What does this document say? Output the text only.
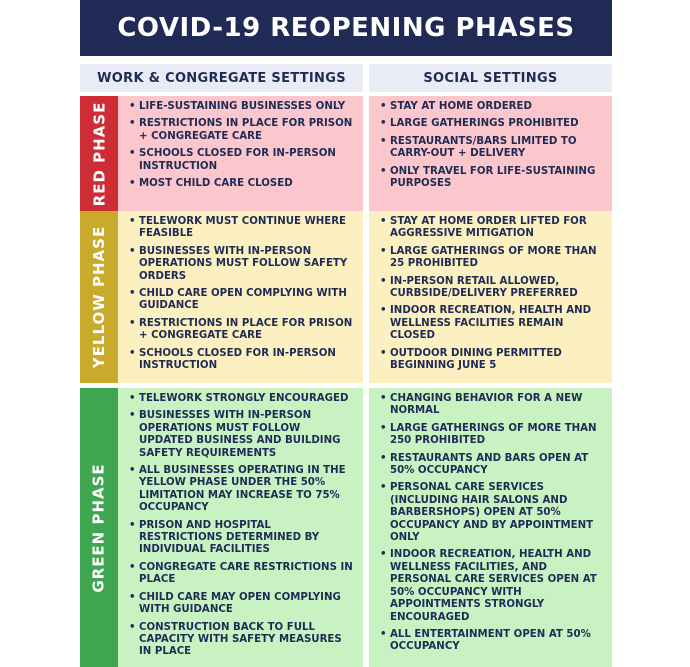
COVID-19 REOPENING PHASES
WORK & CONGREGATE SETTINGS	SOCIAL SETTINGS
RED PHASE
•	LIFE-SUSTAINING BUSINESSES ONLY
• RESTRICTIONS IN PLACE FOR PRISON + CONGREGATE CARE
• SCHOOLS CLOSED FOR IN-PERSON INSTRUCTION
• MOST CHILD CARE CLOSED
• STAY AT HOME ORDERED
• LARGE GATHERINGS PROHIBITED
• RESTAURANTS/BARS LIMITED TO CARRY-OUT + DELIVERY
• ONLY TRAVEL FOR LIFE-SUSTAINING PURPOSES
YELLOW PHASE
• TELEWORK MUST CONTINUE WHERE FEASIBLE
• BUSINESSES WITH IN-PERSON OPERATIONS MUST FOLLOW SAFETY ORDERS
• CHILD CARE OPEN COMPLYING WITH GUIDANCE
• RESTRICTIONS IN PLACE FOR PRISON + CONGREGATE CARE
• SCHOOLS CLOSED FOR IN-PERSON INSTRUCTION
• STAY AT HOME ORDER LIFTED FOR AGGRESSIVE MITIGATION
• LARGE GATHERINGS OF MORE THAN 25 PROHIBITED
• IN-PERSON RETAIL ALLOWED, CURBSIDE/DELIVERY PREFERRED
• INDOOR RECREATION, HEALTH AND WELLNESS FACILITIES REMAIN CLOSED
• OUTDOOR DINING PERMITTED BEGINNING JUNE 5
GREEN PHASE
• TELEWORK STRONGLY ENCOURAGED
• BUSINESSES WITH IN-PERSON OPERATIONS MUST FOLLOW UPDATED BUSINESS AND BUILDING SAFETY REQUIREMENTS
• ALL BUSINESSES OPERATING IN THE YELLOW PHASE UNDER THE 50% LIMITATION MAY INCREASE TO 75% OCCUPANCY
• PRISON AND HOSPITAL RESTRICTIONS DETERMINED BY INDIVIDUAL FACILITIES
• CONGREGATE CARE RESTRICTIONS IN PLACE
• CHILD CARE MAY OPEN COMPLYING WITH GUIDANCE
• CONSTRUCTION BACK TO FULL CAPACITY WITH SAFETY MEASURES IN PLACE
• CHANGING BEHAVIOR FOR A NEW NORMAL
• LARGE GATHERINGS OF MORE THAN 250 PROHIBITED
• RESTAURANTS AND BARS OPEN AT 50% OCCUPANCY
• PERSONAL CARE SERVICES (INCLUDING HAIR SALONS AND BARBERSHOPS) OPEN AT 50% OCCUPANCY AND BY APPOINTMENT ONLY
• INDOOR RECREATION, HEALTH AND WELLNESS FACILITIES, AND PERSONAL CARE SERVICES OPEN AT 50% OCCUPANCY WITH APPOINTMENTS STRONGLY ENCOURAGED
• ALL ENTERTAINMENT OPEN AT 50% OCCUPANCY
